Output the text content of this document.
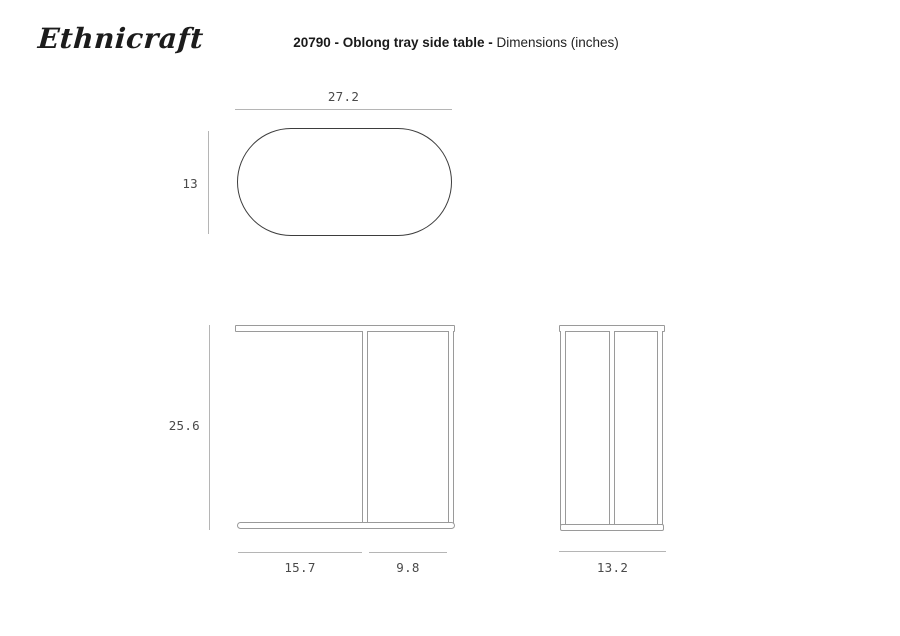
Ethnicraft	20790 - Oblong tray side table - Dimensions (inches)
27.2
13
25.6
15.7	9.8	13.2
